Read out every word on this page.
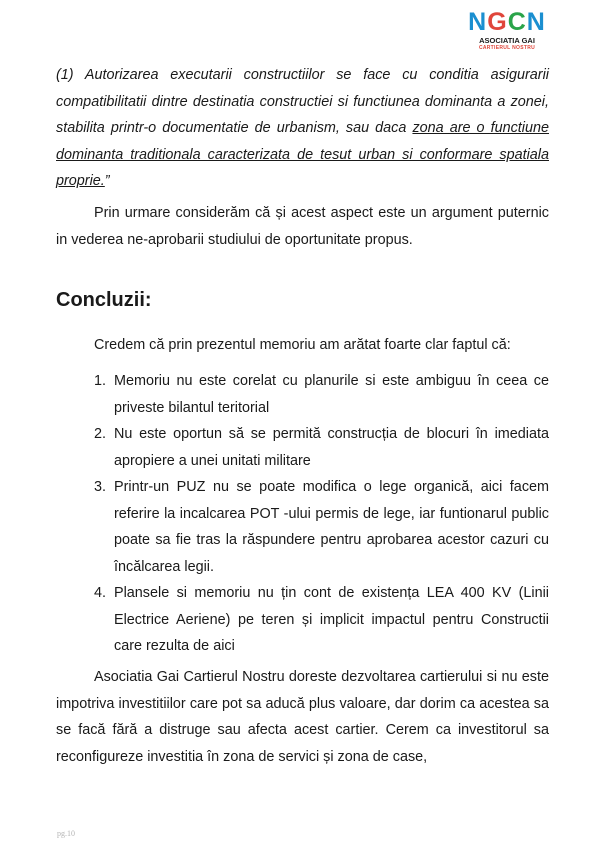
NGCN
ASOCIATIA GAI
CARTIERUL NOSTRU

(1) Autorizarea executarii constructiilor se face cu conditia asigurarii compatibilitatii dintre destinatia constructiei si functiunea dominanta a zonei, stabilita printr-o documentatie de urbanism, sau daca zona are o functiune dominanta traditionala caracterizata de tesut urban si conformare spatiala proprie.”

Prin urmare considerăm că și acest aspect este un argument puternic in vederea ne-aprobarii studiului de oportunitate propus.

Concluzii:

Credem că prin prezentul memoriu am arătat foarte clar faptul că:

1. Memoriu nu este corelat cu planurile si este ambiguu în ceea ce priveste bilantul teritorial
2. Nu este oportun să se permită construcția de blocuri în imediata apropiere a unei unitati militare
3. Printr-un PUZ nu se poate modifica o lege organică, aici facem referire la incalcarea POT -ului permis de lege, iar funtionarul public poate sa fie tras la răspundere pentru aprobarea acestor cazuri cu încălcarea legii.
4. Plansele si memoriu nu țin cont de existența LEA 400 KV (Linii Electrice Aeriene) pe teren și implicit impactul pentru Constructii care rezulta de aici

Asociatia Gai Cartierul Nostru doreste dezvoltarea cartierului si nu este impotriva investitiilor care pot sa aducă plus valoare, dar dorim ca acestea sa se facă fără a distruge sau afecta acest cartier. Cerem ca investitorul sa reconfigureze investitia în zona de servici și zona de case,

pg.10
